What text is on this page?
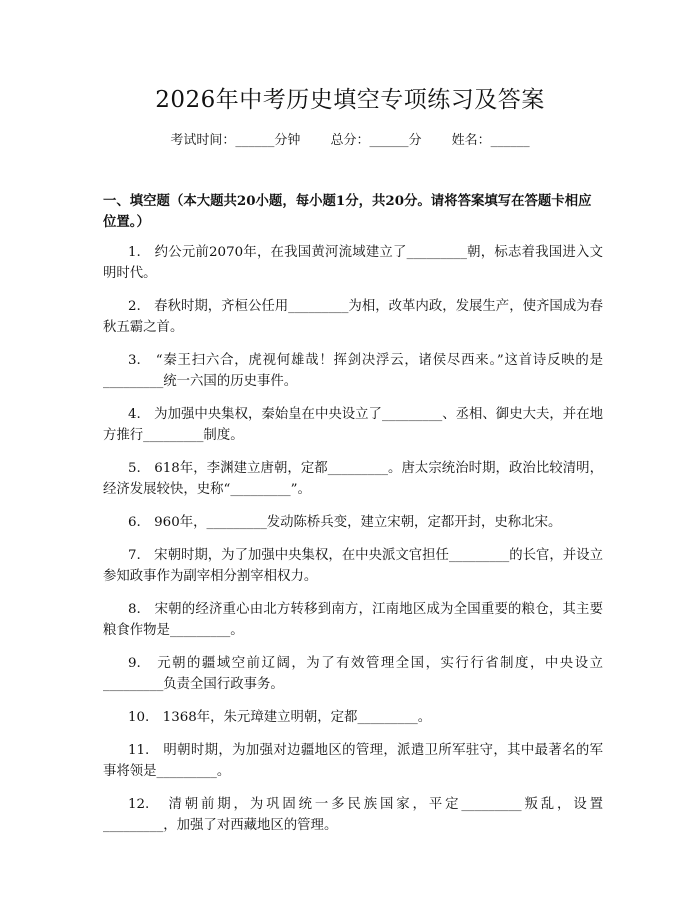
2026年中考历史填空专项练习及答案
考试时间：______分钟 总分：______分 姓名：______
一、填空题（本大题共20小题，每小题1分，共20分。请将答案填写在答题卡相应位置。）

1.　约公元前2070年，在我国黄河流域建立了_________朝，标志着我国进入文明时代。

2.　春秋时期，齐桓公任用_________为相，改革内政，发展生产，使齐国成为春秋五霸之首。

3.　“秦王扫六合，虎视何雄哉！挥剑决浮云，诸侯尽西来。”这首诗反映的是_________统一六国的历史事件。

4.　为加强中央集权，秦始皇在中央设立了_________、丞相、御史大夫，并在地方推行_________制度。

5.　618年，李渊建立唐朝，定都_________。唐太宗统治时期，政治比较清明，经济发展较快，史称“_________”。

6.　960年，_________发动陈桥兵变，建立宋朝，定都开封，史称北宋。

7.　宋朝时期，为了加强中央集权，在中央派文官担任_________的长官，并设立参知政事作为副宰相分割宰相权力。

8.　宋朝的经济重心由北方转移到南方，江南地区成为全国重要的粮仓，其主要粮食作物是_________。

9.　元朝的疆域空前辽阔，为了有效管理全国，实行行省制度，中央设立_________负责全国行政事务。

10.　1368年，朱元璋建立明朝，定都_________。

11.　明朝时期，为加强对边疆地区的管理，派遣卫所军驻守，其中最著名的军事将领是_________。

12.　清朝前期，为巩固统一多民族国家，平定_________叛乱，设置_________，加强了对西藏地区的管理。
